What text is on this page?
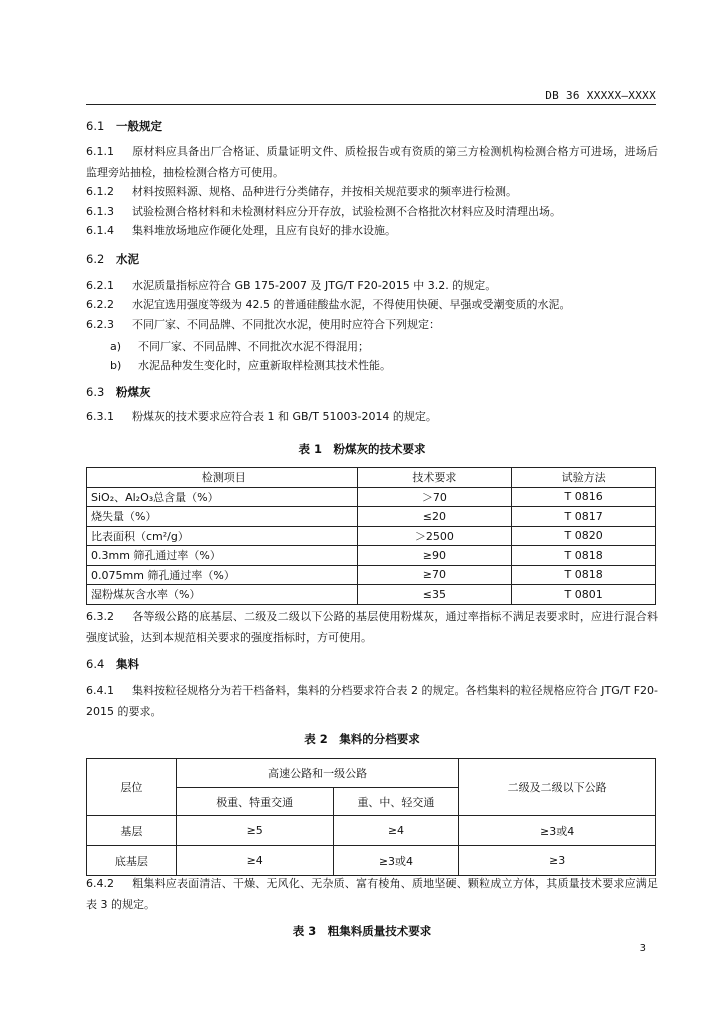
DB 36 XXXXX—XXXX
6.1 一般规定
6.1.1 原材料应具备出厂合格证、质量证明文件、质检报告或有资质的第三方检测机构检测合格方可进场，进场后监理旁站抽检，抽检检测合格方可使用。
6.1.2 材料按照料源、规格、品种进行分类储存，并按相关规范要求的频率进行检测。
6.1.3 试验检测合格材料和未检测材料应分开存放，试验检测不合格批次材料应及时清理出场。
6.1.4 集料堆放场地应作硬化处理，且应有良好的排水设施。
6.2 水泥
6.2.1 水泥质量指标应符合 GB 175-2007 及 JTG/T F20-2015 中 3.2. 的规定。
6.2.2 水泥宜选用强度等级为 42.5 的普通硅酸盐水泥，不得使用快硬、早强或受潮变质的水泥。
6.2.3 不同厂家、不同品牌、不同批次水泥，使用时应符合下列规定：
a) 不同厂家、不同品牌、不同批次水泥不得混用；
b) 水泥品种发生变化时，应重新取样检测其技术性能。
6.3 粉煤灰
6.3.1 粉煤灰的技术要求应符合表 1 和 GB/T 51003-2014 的规定。
表 1　粉煤灰的技术要求
检测项目	技术要求	试验方法
SiO₂、Al₂O₃总含量（%）	＞70	T 0816
烧失量（%）	≤20	T 0817
比表面积（cm²/g）	＞2500	T 0820
0.3mm 筛孔通过率（%）	≥90	T 0818
0.075mm 筛孔通过率（%）	≥70	T 0818
湿粉煤灰含水率（%）	≤35	T 0801
6.3.2 各等级公路的底基层、二级及二级以下公路的基层使用粉煤灰，通过率指标不满足表要求时，应进行混合料强度试验，达到本规范相关要求的强度指标时，方可使用。
6.4 集料
6.4.1 集料按粒径规格分为若干档备料，集料的分档要求符合表 2 的规定。各档集料的粒径规格应符合 JTG/T F20-2015 的要求。
表 2　集料的分档要求
层位	高速公路和一级公路		二级及二级以下公路
	极重、特重交通	重、中、轻交通	
基层	≥5	≥4	≥3或4
底基层	≥4	≥3或4	≥3
6.4.2 粗集料应表面清洁、干燥、无风化、无杂质、富有棱角、质地坚硬、颗粒成立方体，其质量技术要求应满足表 3 的规定。
表 3　粗集料质量技术要求
3
